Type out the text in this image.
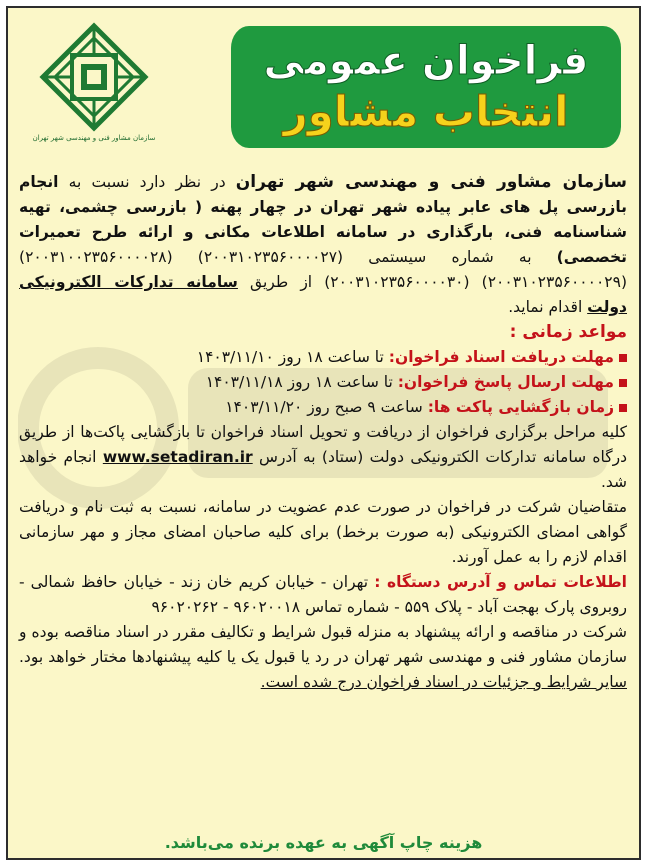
فراخوان عمومی
انتخاب مشاور
سازمان مشاور فنی و مهندسی شهر تهران

سازمان مشاور فنی و مهندسی شهر تهران در نظر دارد نسبت به انجام بازرسی پل های عابر پیاده شهر تهران در چهار پهنه ( بازرسی چشمی، تهیه شناسنامه فنی، بارگذاری در سامانه اطلاعات مکانی و ارائه طرح تعمیرات تخصصی) به شماره سیستمی (۲۰۰۳۱۰۲۳۵۶۰۰۰۰۲۷) (۲۰۰۳۱۰۰۲۳۵۶۰۰۰۰۲۸) (۲۰۰۳۱۰۲۳۵۶۰۰۰۰۲۹) (۲۰۰۳۱۰۲۳۵۶۰۰۰۰۳۰) از طریق سامانه تدارکات الکترونیکی دولت اقدام نماید.

مواعد زمانی :

مهلت دریافت اسناد فراخوان: تا ساعت ۱۸ روز ۱۴۰۳/۱۱/۱۰

مهلت ارسال پاسخ فراخوان: تا ساعت ۱۸ روز ۱۴۰۳/۱۱/۱۸

زمان بازگشایی پاکت ها: ساعت ۹ صبح روز ۱۴۰۳/۱۱/۲۰

کلیه مراحل برگزاری فراخوان از دریافت و تحویل اسناد فراخوان تا بازگشایی پاکت‌ها از طریق درگاه سامانه تدارکات الکترونیکی دولت (ستاد) به آدرس www.setadiran.ir انجام خواهد شد.

متقاضیان شرکت در فراخوان در صورت عدم عضویت در سامانه، نسبت به ثبت نام و دریافت گواهی امضای الکترونیکی (به صورت برخط) برای کلیه صاحبان امضای مجاز و مهر سازمانی اقدام لازم را به عمل آورند.

اطلاعات تماس و آدرس دستگاه : تهران - خیابان کریم خان زند - خیابان حافظ شمالی - روبروی پارک بهجت آباد - پلاک ۵۵۹ - شماره تماس ۹۶۰۲۰۰۱۸ - ۹۶۰۲۰۲۶۲

شرکت در مناقصه و ارائه پیشنهاد به منزله قبول شرایط و تکالیف مقرر در اسناد مناقصه بوده و سازمان مشاور فنی و مهندسی شهر تهران در رد یا قبول یک یا کلیه پیشنهادها مختار خواهد بود. سایر شرایط و جزئیات در اسناد فراخوان درج شده است.

هزینه چاپ آگهی به عهده برنده می‌باشد.
